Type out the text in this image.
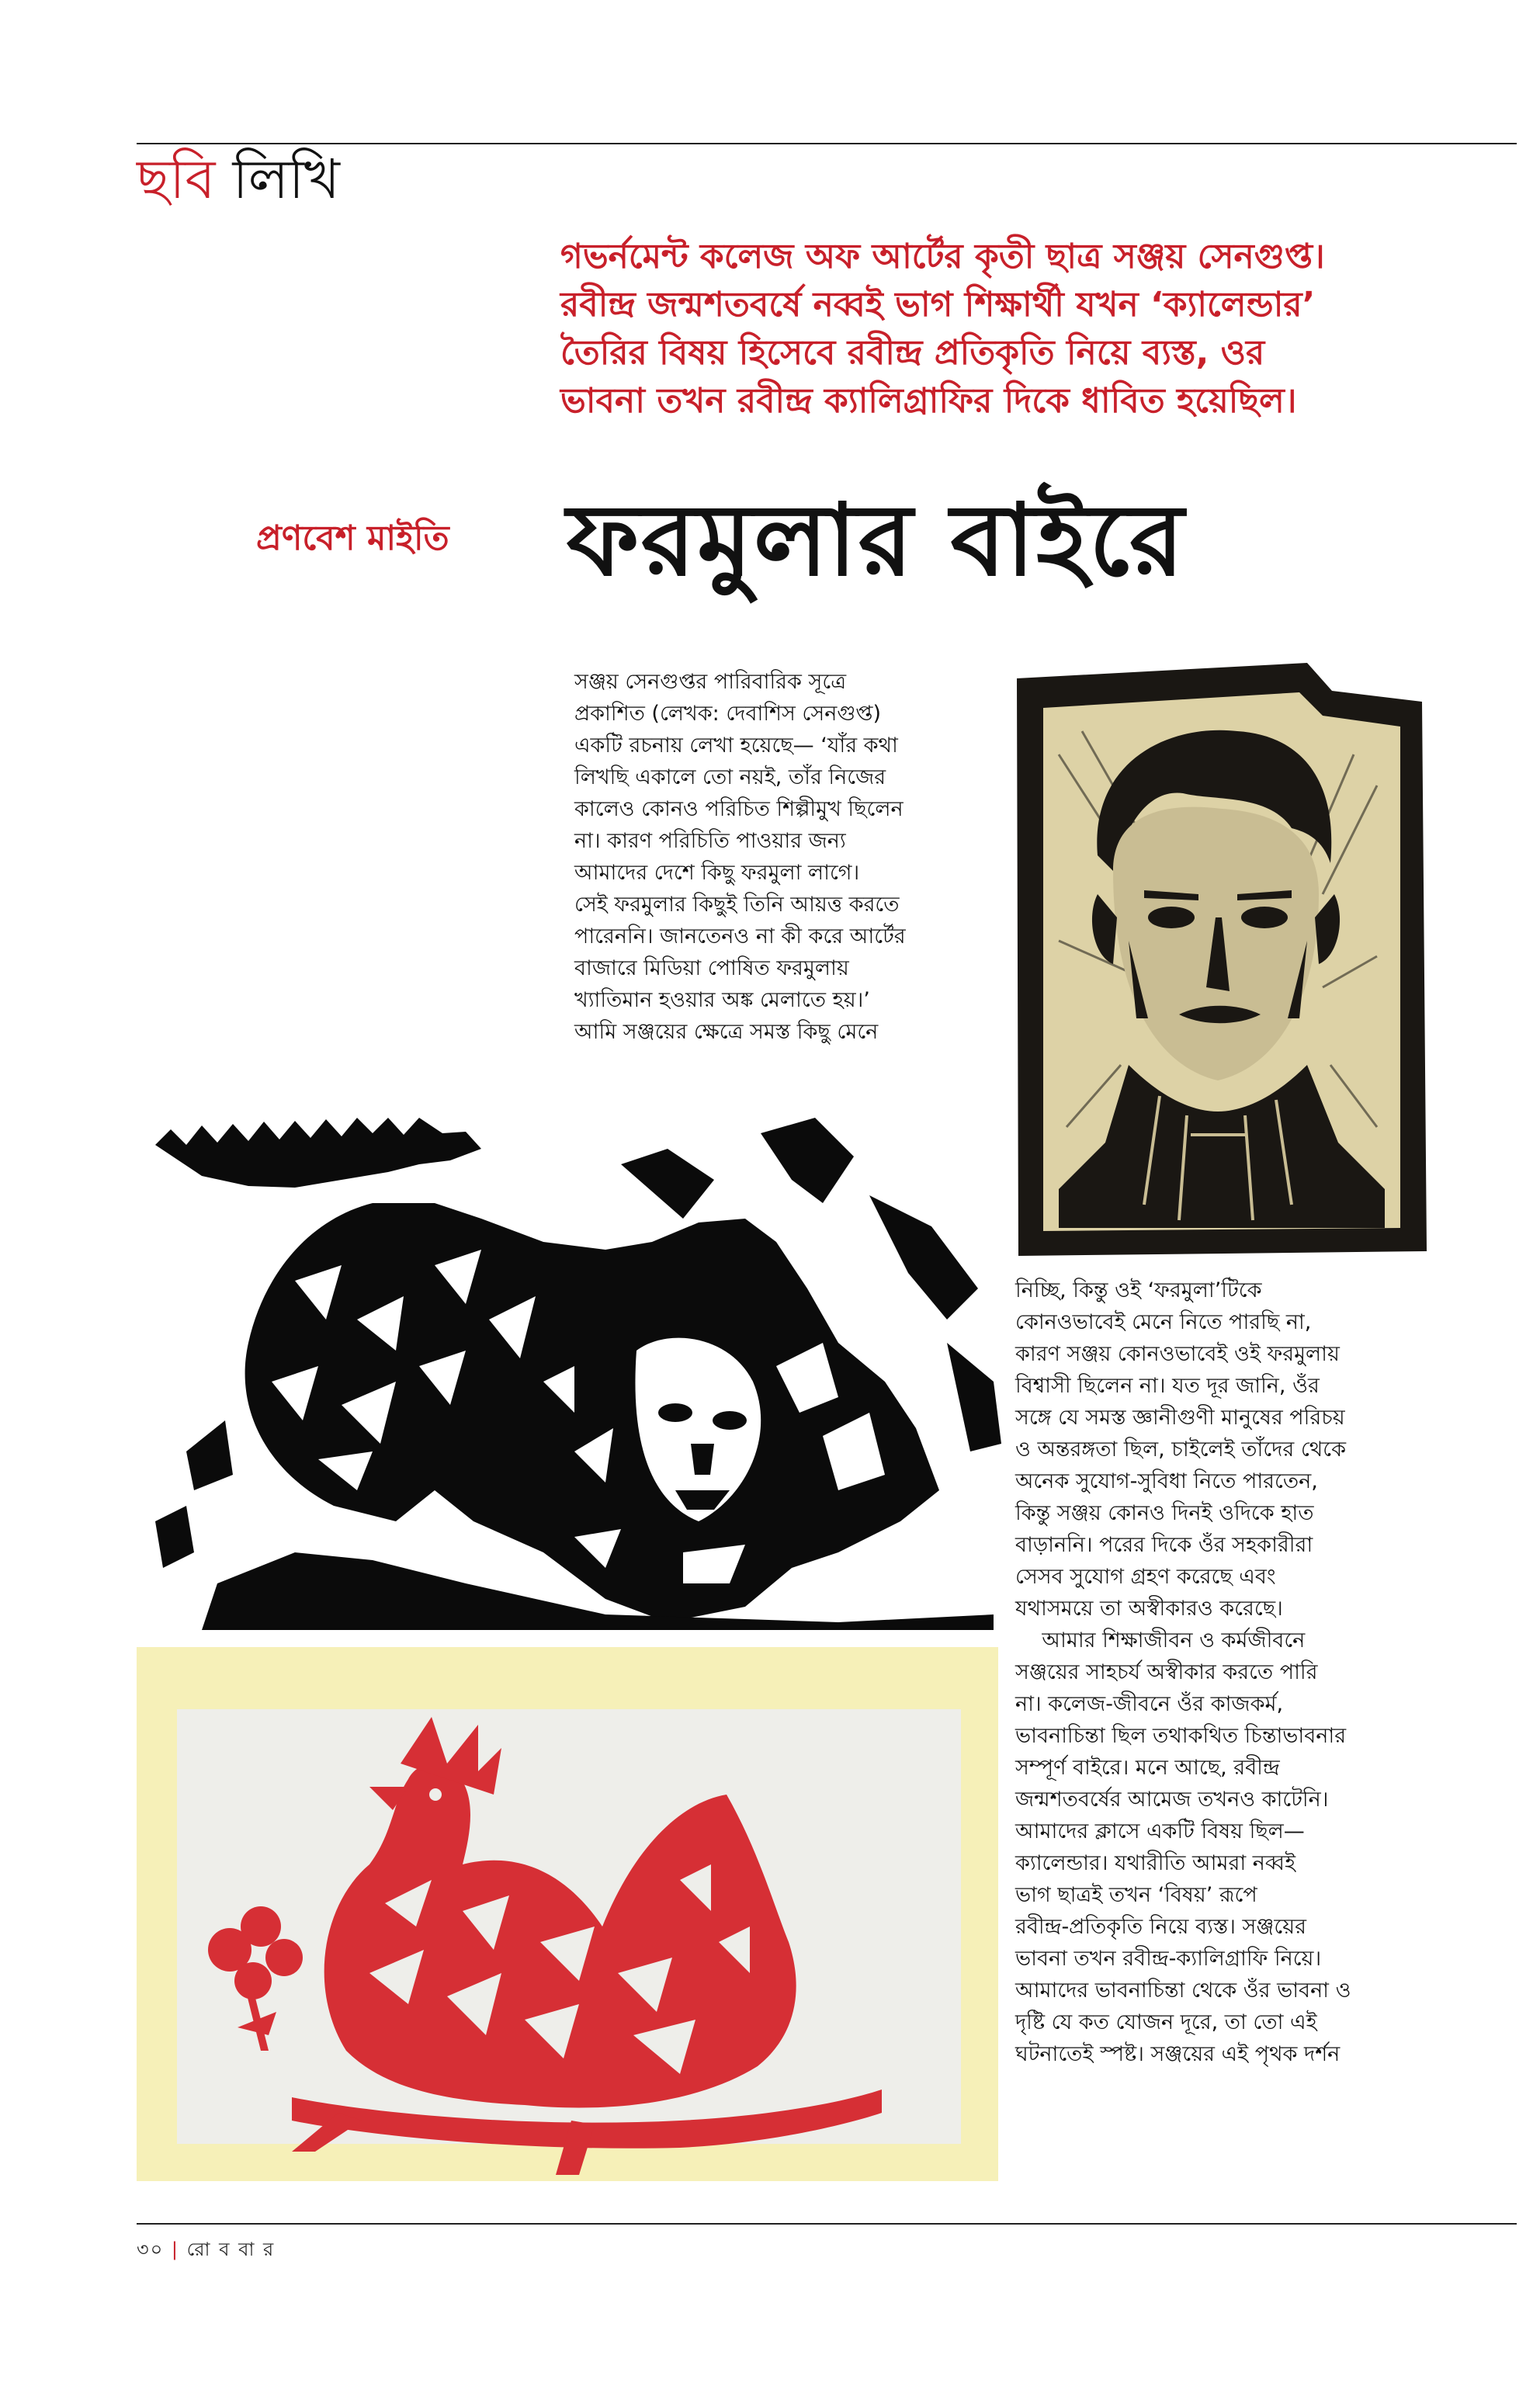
ছবি লিখি
গভর্নমেন্ট কলেজ অফ আর্টের কৃতী ছাত্র সঞ্জয় সেনগুপ্ত।
রবীন্দ্র জন্মশতবর্ষে নব্বই ভাগ শিক্ষার্থী যখন ‘ক্যালেন্ডার’
তৈরির বিষয় হিসেবে রবীন্দ্র প্রতিকৃতি নিয়ে ব্যস্ত, ওর
ভাবনা তখন রবীন্দ্র ক্যালিগ্রাফির দিকে ধাবিত হয়েছিল।
প্রণবেশ মাইতি ফরমুলার বাইরে
সঞ্জয় সেনগুপ্তর পারিবারিক সূত্রে
প্রকাশিত (লেখক: দেবাশিস সেনগুপ্ত)
একটি রচনায় লেখা হয়েছে— ‘যাঁর কথা
লিখছি একালে তো নয়ই, তাঁর নিজের
কালেও কোনও পরিচিত শিল্পীমুখ ছিলেন
না। কারণ পরিচিতি পাওয়ার জন্য
আমাদের দেশে কিছু ফরমুলা লাগে।
সেই ফরমুলার কিছুই তিনি আয়ত্ত করতে
পারেননি। জানতেনও না কী করে আর্টের
বাজারে মিডিয়া পোষিত ফরমুলায়
খ্যাতিমান হওয়ার অঙ্ক মেলাতে হয়।’
আমি সঞ্জয়ের ক্ষেত্রে সমস্ত কিছু মেনে
নিচ্ছি, কিন্তু ওই ‘ফরমুলা’টিকে
কোনওভাবেই মেনে নিতে পারছি না,
কারণ সঞ্জয় কোনওভাবেই ওই ফরমুলায়
বিশ্বাসী ছিলেন না। যত দূর জানি, ওঁর
সঙ্গে যে সমস্ত জ্ঞানীগুণী মানুষের পরিচয়
ও অন্তরঙ্গতা ছিল, চাইলেই তাঁদের থেকে
অনেক সুযোগ-সুবিধা নিতে পারতেন,
কিন্তু সঞ্জয় কোনও দিনই ওদিকে হাত
বাড়াননি। পরের দিকে ওঁর সহকারীরা
সেসব সুযোগ গ্রহণ করেছে এবং
যথাসময়ে তা অস্বীকারও করেছে।
আমার শিক্ষাজীবন ও কর্মজীবনে
সঞ্জয়ের সাহচর্য অস্বীকার করতে পারি
না। কলেজ-জীবনে ওঁর কাজকর্ম,
ভাবনাচিন্তা ছিল তথাকথিত চিন্তাভাবনার
সম্পূর্ণ বাইরে। মনে আছে, রবীন্দ্র
জন্মশতবর্ষের আমেজ তখনও কাটেনি।
আমাদের ক্লাসে একটি বিষয় ছিল—
ক্যালেন্ডার। যথারীতি আমরা নব্বই
ভাগ ছাত্রই তখন ‘বিষয়’ রূপে
রবীন্দ্র-প্রতিকৃতি নিয়ে ব্যস্ত। সঞ্জয়ের
ভাবনা তখন রবীন্দ্র-ক্যালিগ্রাফি নিয়ে।
আমাদের ভাবনাচিন্তা থেকে ওঁর ভাবনা ও
দৃষ্টি যে কত যোজন দূরে, তা তো এই
ঘটনাতেই স্পষ্ট। সঞ্জয়ের এই পৃথক দর্শন
৩০ | রো ব বা র
